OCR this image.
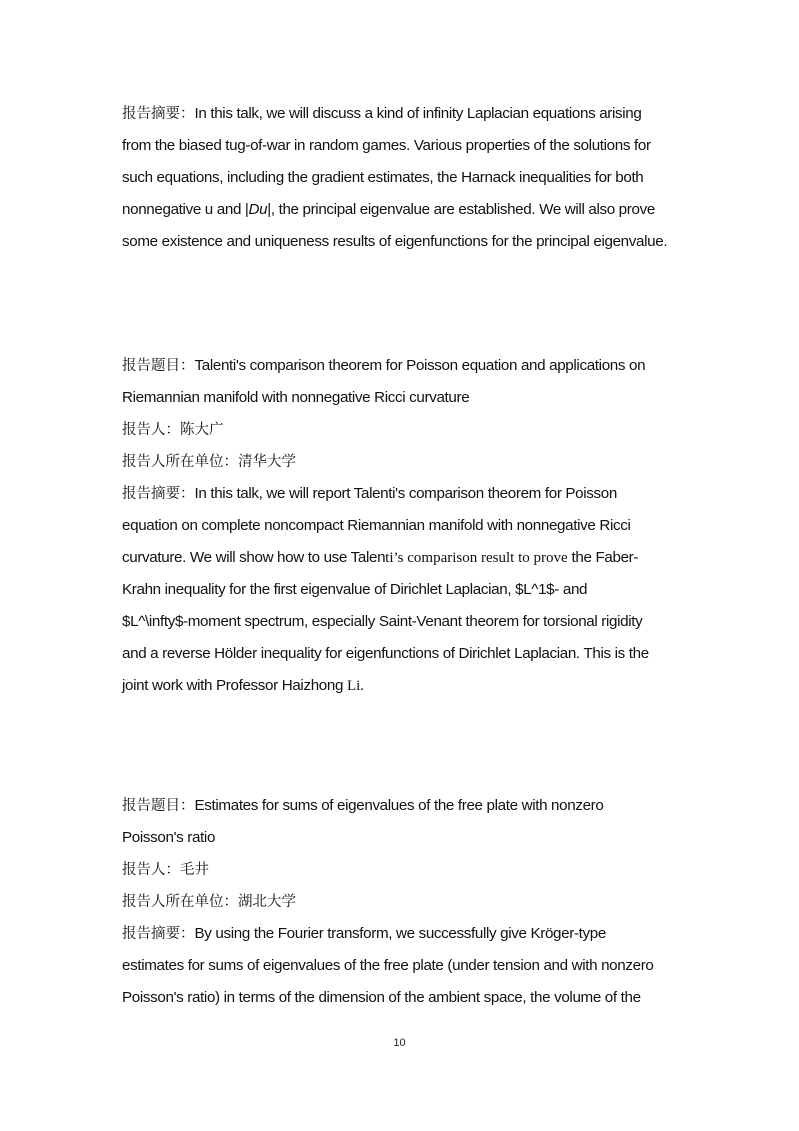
报告摘要：In this talk, we will discuss a kind of infinity Laplacian equations arising
from the biased tug-of-war in random games. Various properties of the solutions for
such equations, including the gradient estimates, the Harnack inequalities for both
nonnegative u and |Du|, the principal eigenvalue are established. We will also prove
some existence and uniqueness results of eigenfunctions for the principal eigenvalue.
报告题目：Talenti's comparison theorem for Poisson equation and applications on
Riemannian manifold with nonnegative Ricci curvature
报告人：陈大广
报告人所在单位：清华大学
报告摘要：In this talk, we will report Talenti's comparison theorem for Poisson
equation on complete noncompact Riemannian manifold with nonnegative Ricci
curvature. We will show how to use Talenti’s comparison result to prove the Faber-
Krahn inequality for the first eigenvalue of Dirichlet Laplacian, $L^1$- and
$L^\infty$-moment spectrum, especially Saint-Venant theorem for torsional rigidity
and a reverse Hölder inequality for eigenfunctions of Dirichlet Laplacian. This is the
joint work with Professor Haizhong Li.
报告题目：Estimates for sums of eigenvalues of the free plate with nonzero
Poisson's ratio
报告人：毛井
报告人所在单位：湖北大学
报告摘要：By using the Fourier transform, we successfully give Kröger-type
estimates for sums of eigenvalues of the free plate (under tension and with nonzero
Poisson's ratio) in terms of the dimension of the ambient space, the volume of the
10
